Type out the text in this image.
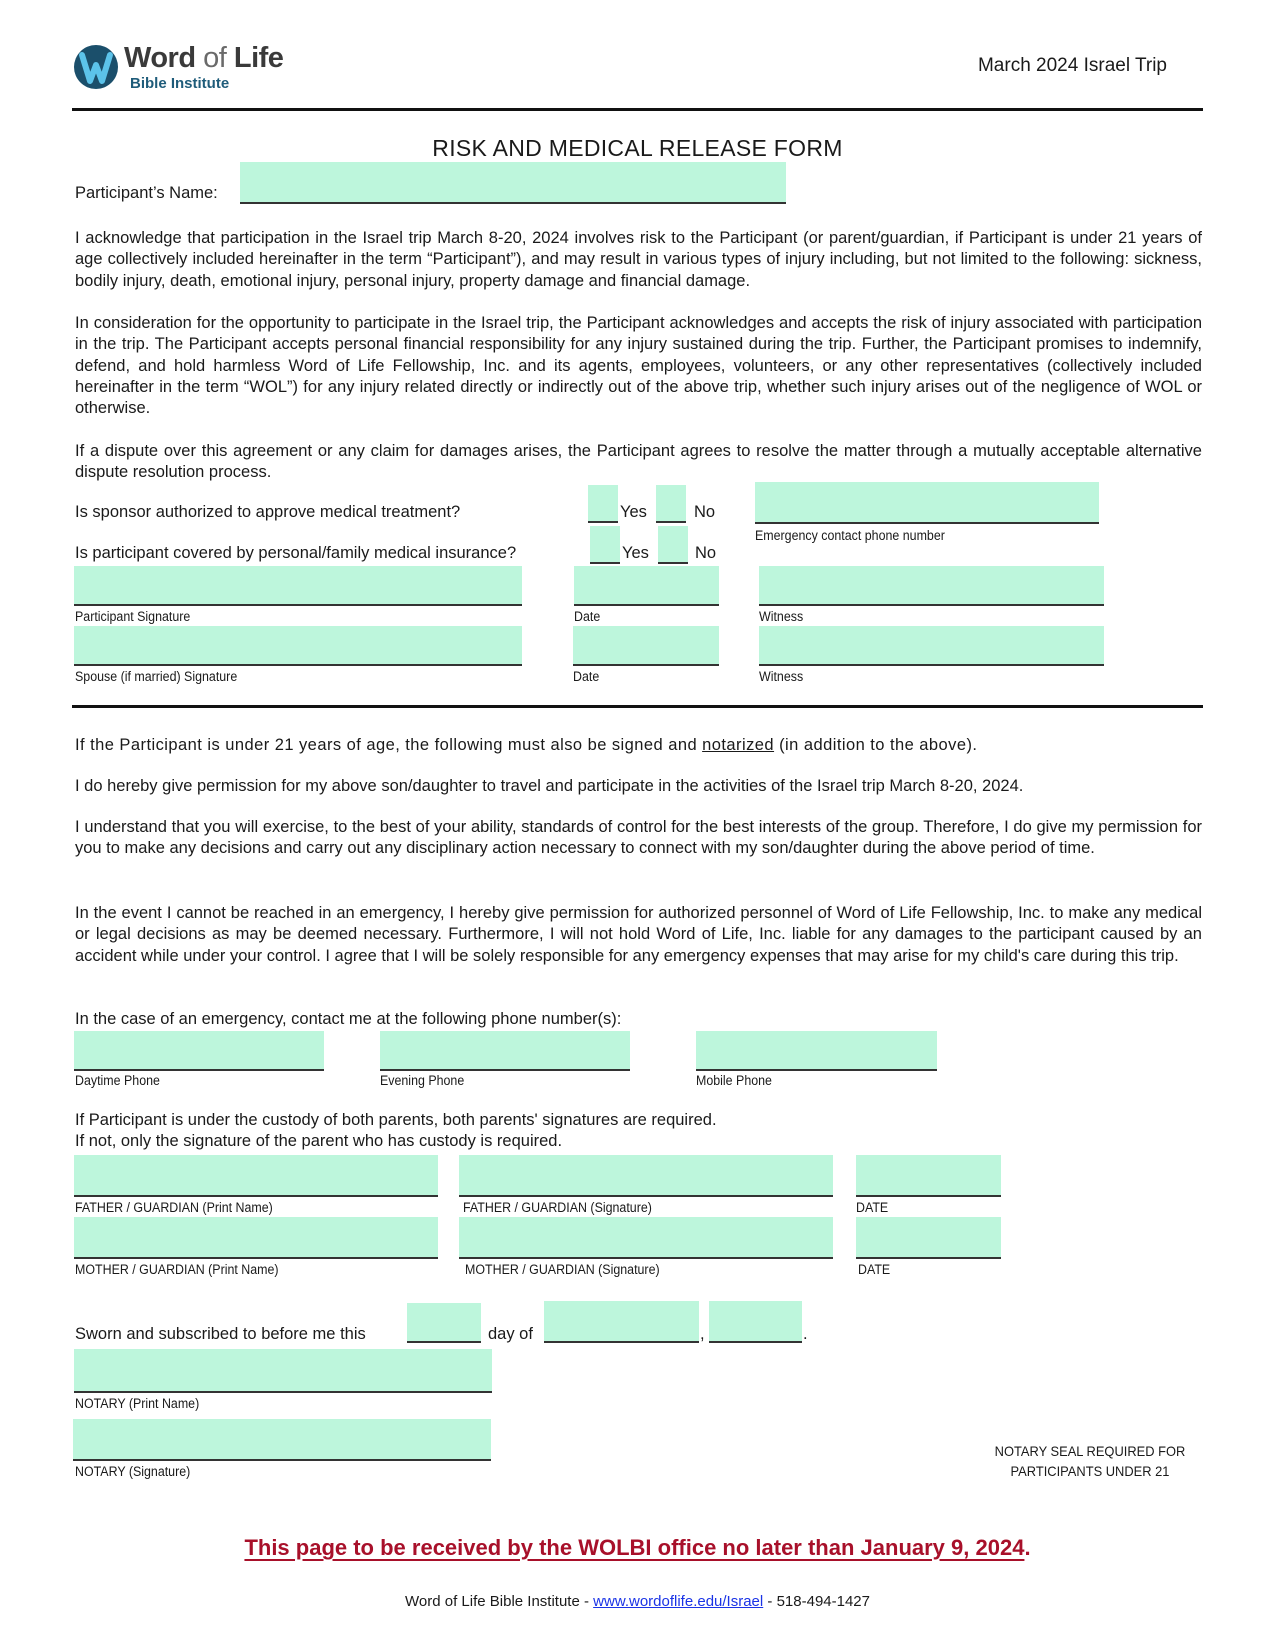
Word of Life
Bible Institute
March 2024 Israel Trip
RISK AND MEDICAL RELEASE FORM
Participant’s Name:
I acknowledge that participation in the Israel trip March 8-20, 2024 involves risk to the Participant (or parent/guardian, if Participant is under 21 years of age collectively included hereinafter in the term “Participant”), and may result in various types of injury including, but not limited to the following: sickness, bodily injury, death, emotional injury, personal injury, property damage and financial damage.
In consideration for the opportunity to participate in the Israel trip, the Participant acknowledges and accepts the risk of injury associated with participation in the trip. The Participant accepts personal financial responsibility for any injury sustained during the trip. Further, the Participant promises to indemnify, defend, and hold harmless Word of Life Fellowship, Inc. and its agents, employees, volunteers, or any other representatives (collectively included hereinafter in the term “WOL”) for any injury related directly or indirectly out of the above trip, whether such injury arises out of the negligence of WOL or otherwise.
If a dispute over this agreement or any claim for damages arises, the Participant agrees to resolve the matter through a mutually acceptable alternative dispute resolution process.
Is sponsor authorized to approve medical treatment?	Yes	No
Is participant covered by personal/family medical insurance?	Yes	No
Emergency contact phone number
Participant Signature	Date	Witness
Spouse (if married) Signature	Date	Witness
If the Participant is under 21 years of age, the following must also be signed and notarized (in addition to the above).
I do hereby give permission for my above son/daughter to travel and participate in the activities of the Israel trip March 8-20, 2024.
I understand that you will exercise, to the best of your ability, standards of control for the best interests of the group. Therefore, I do give my permission for you to make any decisions and carry out any disciplinary action necessary to connect with my son/daughter during the above period of time.
In the event I cannot be reached in an emergency, I hereby give permission for authorized personnel of Word of Life Fellowship, Inc. to make any medical or legal decisions as may be deemed necessary. Furthermore, I will not hold Word of Life, Inc. liable for any damages to the participant caused by an accident while under your control. I agree that I will be solely responsible for any emergency expenses that may arise for my child's care during this trip.
In the case of an emergency, contact me at the following phone number(s):
Daytime Phone	Evening Phone	Mobile Phone
If Participant is under the custody of both parents, both parents' signatures are required.
If not, only the signature of the parent who has custody is required.
FATHER / GUARDIAN (Print Name)	FATHER / GUARDIAN (Signature)	DATE
MOTHER / GUARDIAN (Print Name)	MOTHER / GUARDIAN (Signature)	DATE
Sworn and subscribed to before me this	day of	,	.
NOTARY (Print Name)
NOTARY (Signature)
NOTARY SEAL REQUIRED FOR
PARTICIPANTS UNDER 21
This page to be received by the WOLBI office no later than January 9, 2024.
Word of Life Bible Institute - www.wordoflife.edu/Israel - 518-494-1427
